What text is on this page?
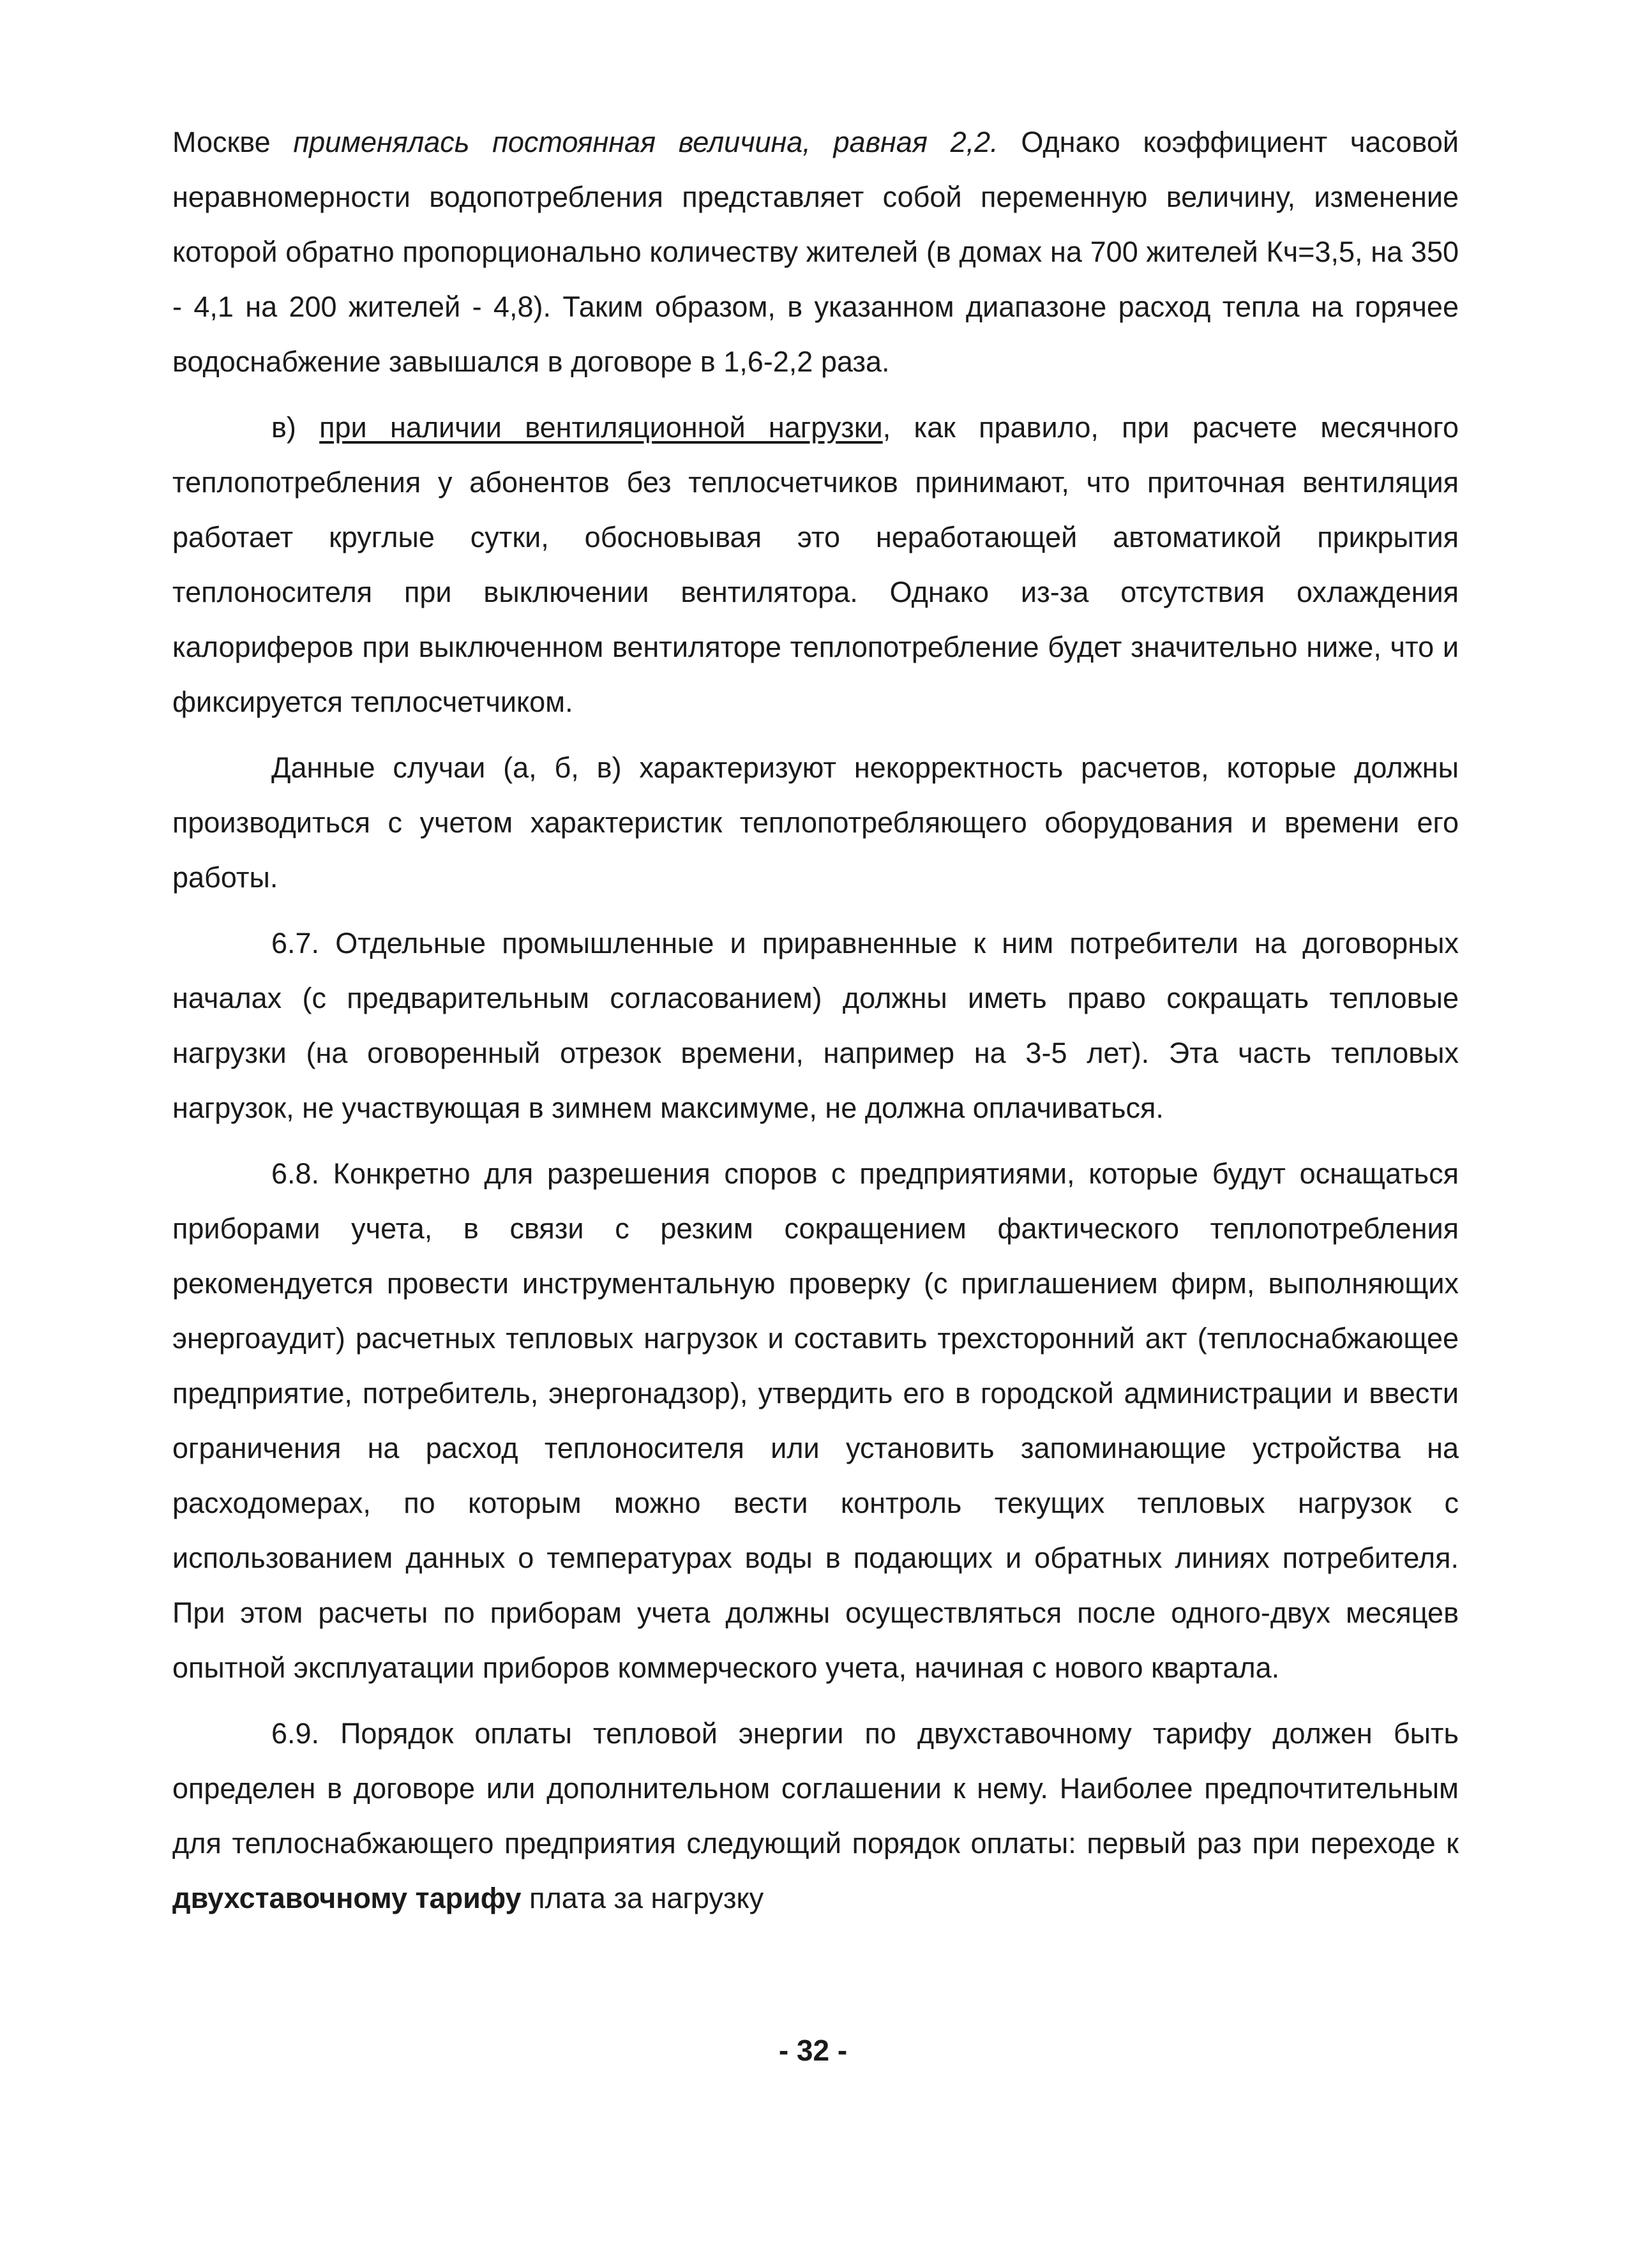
Москве применялась постоянная величина, равная 2,2. Однако коэффициент часовой неравномерности водопотребления представляет собой переменную величину, изменение которой обратно пропорционально количеству жителей (в домах на 700 жителей Кч=3,5, на 350 - 4,1 на 200 жителей - 4,8). Таким образом, в указанном диапазоне расход тепла на горячее водоснабжение завышался в договоре в 1,6-2,2 раза.

в) при наличии вентиляционной нагрузки, как правило, при расчете месячного теплопотребления у абонентов без теплосчетчиков принимают, что приточная вентиляция работает круглые сутки, обосновывая это неработающей автоматикой прикрытия теплоносителя при выключении вентилятора. Однако из-за отсутствия охлаждения калориферов при выключенном вентиляторе теплопотребление будет значительно ниже, что и фиксируется теплосчетчиком.

Данные случаи (а, б, в) характеризуют некорректность расчетов, которые должны производиться с учетом характеристик теплопотребляющего оборудования и времени его работы.

6.7. Отдельные промышленные и приравненные к ним потребители на договорных началах (с предварительным согласованием) должны иметь право сокращать тепловые нагрузки (на оговоренный отрезок времени, например на 3-5 лет). Эта часть тепловых нагрузок, не участвующая в зимнем максимуме, не должна оплачиваться.

6.8. Конкретно для разрешения споров с предприятиями, которые будут оснащаться приборами учета, в связи с резким сокращением фактического теплопотребления рекомендуется провести инструментальную проверку (с приглашением фирм, выполняющих энергоаудит) расчетных тепловых нагрузок и составить трехсторонний акт (теплоснабжающее предприятие, потребитель, энергонадзор), утвердить его в городской администрации и ввести ограничения на расход теплоносителя или установить запоминающие устройства на расходомерах, по которым можно вести контроль текущих тепловых нагрузок с использованием данных о температурах воды в подающих и обратных линиях потребителя. При этом расчеты по приборам учета должны осуществляться после одного-двух месяцев опытной эксплуатации приборов коммерческого учета, начиная с нового квартала.

6.9. Порядок оплаты тепловой энергии по двухставочному тарифу должен быть определен в договоре или дополнительном соглашении к нему. Наиболее предпочтительным для теплоснабжающего предприятия следующий порядок оплаты: первый раз при переходе к двухставочному тарифу плата за нагрузку

- 32 -
